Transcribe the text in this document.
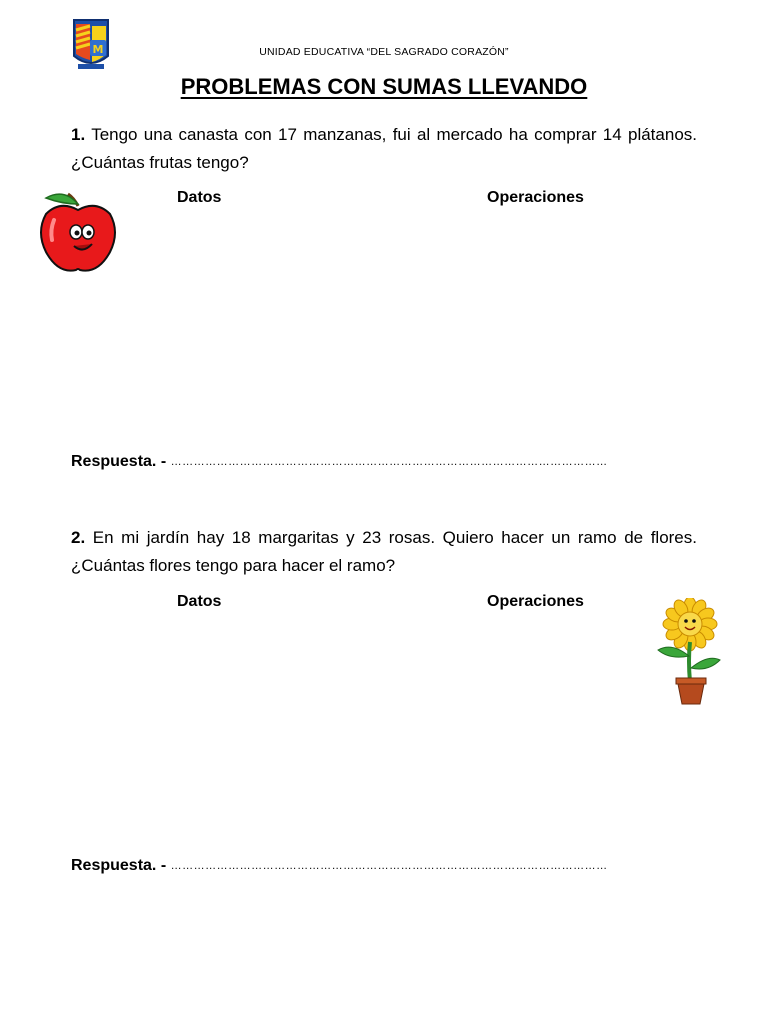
M	UNIDAD EDUCATIVA “DEL SAGRADO CORAZÓN”
PROBLEMAS CON SUMAS LLEVANDO
1. Tengo una canasta con 17 manzanas, fui al mercado ha comprar 14 plátanos. ¿Cuántas frutas tengo?
Datos	Operaciones
Respuesta. - ……………………………………………………………………………………………………
2. En mi jardín hay 18 margaritas y 23 rosas. Quiero hacer un ramo de flores. ¿Cuántas flores tengo para hacer el ramo?
Datos	Operaciones
Respuesta. - ……………………………………………………………………………………………………
